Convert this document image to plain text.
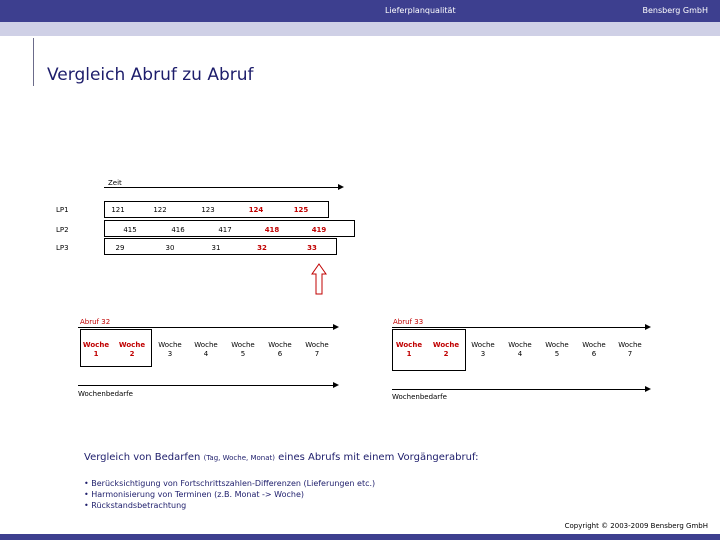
Lieferplanqualität	Bensberg GmbH
Vergleich Abruf zu Abruf
Zeit
LP1	121	122	123	124	125
LP2	415	416	417	418	419
LP3	29	30	31	32	33
Abruf 32
Woche
1
Woche
2
Woche
3
Woche
4
Woche
5
Woche
6
Woche
7
Wochenbedarfe
Abruf 33
Woche
1
Woche
2
Woche
3
Woche
4
Woche
5
Woche
6
Woche
7
Wochenbedarfe
Vergleich von Bedarfen (Tag, Woche, Monat) eines Abrufs mit einem Vorgängerabruf:
• Berücksichtigung von Fortschrittszahlen-Differenzen (Lieferungen etc.)
• Harmonisierung von Terminen (z.B. Monat -> Woche)
• Rückstandsbetrachtung
Copyright © 2003-2009 Bensberg GmbH
